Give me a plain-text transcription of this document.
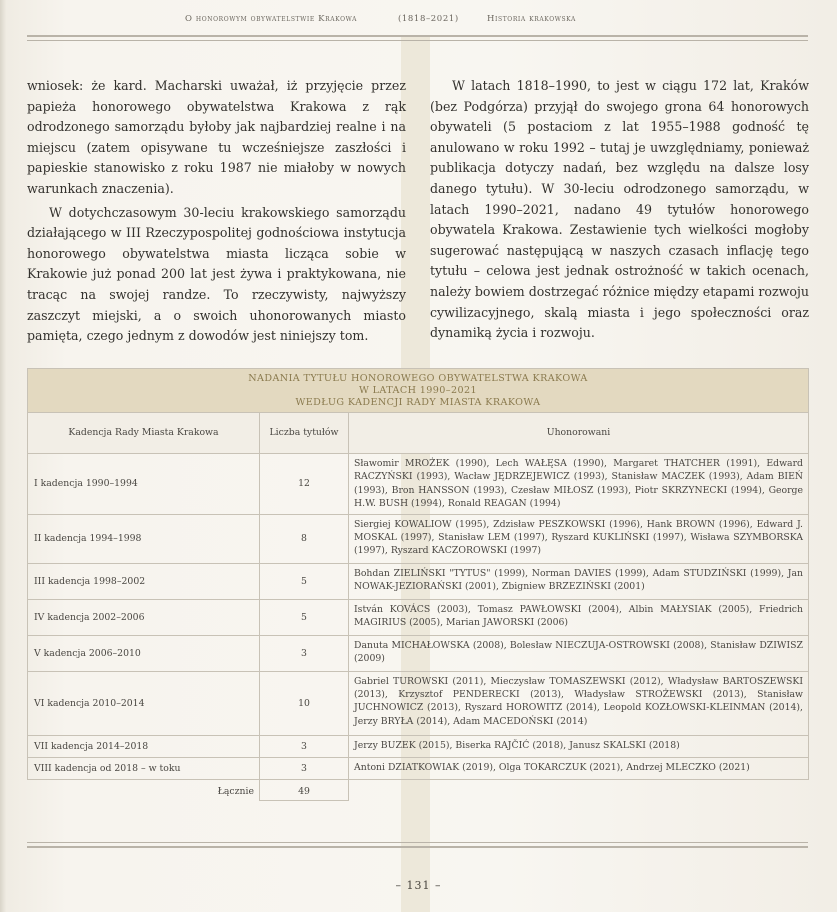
O honorowym obywatelstwie Krakowa	(1818–2021)	Historia krakowska

wniosek: że kard. Macharski uważał, iż przyjęcie przez papieża honorowego obywatelstwa Krakowa z rąk odrodzonego samorządu byłoby jak najbardziej realne i na miejscu (zatem opisywane tu wcześniejsze zaszłości i papieskie stanowisko z roku 1987 nie miałoby w nowych warunkach znaczenia).

W dotychczasowym 30-leciu krakowskiego samorządu działającego w III Rzeczypospolitej godnościowa instytucja honorowego obywatelstwa miasta licząca sobie w Krakowie już ponad 200 lat jest żywa i praktykowana, nie tracąc na swojej randze. To rzeczywisty, najwyższy zaszczyt miejski, a o swoich uhonorowanych miasto pamięta, czego jednym z dowodów jest niniejszy tom.

W latach 1818–1990, to jest w ciągu 172 lat, Kraków (bez Podgórza) przyjął do swojego grona 64 honorowych obywateli (5 postaciom z lat 1955–1988 godność tę anulowano w roku 1992 – tutaj je uwzględniamy, ponieważ publikacja dotyczy nadań, bez względu na dalsze losy danego tytułu). W 30-leciu odrodzonego samorządu, w latach 1990–2021, nadano 49 tytułów honorowego obywatela Krakowa. Zestawienie tych wielkości mogłoby sugerować następującą w naszych czasach inflację tego tytułu – celowa jest jednak ostrożność w takich ocenach, należy bowiem dostrzegać różnice między etapami rozwoju cywilizacyjnego, skalą miasta i jego społeczności oraz dynamiką życia i rozwoju.

NADANIA TYTUŁU HONOROWEGO OBYWATELSTWA KRAKOWA
W LATACH 1990–2021
WEDŁUG KADENCJI RADY MIASTA KRAKOWA		

Kadencja Rady Miasta Krakowa	Liczba tytułów	Uhonorowani
I kadencja 1990–1994	12	Sławomir MROŻEK (1990), Lech WAŁĘSA (1990), Margaret THATCHER (1991), Edward RACZYŃSKI (1993), Wacław JĘDRZEJEWICZ (1993), Stanisław MACZEK (1993), Adam BIEŃ (1993), Bron HANSSON (1993), Czesław MIŁOSZ (1993), Piotr SKRZYNECKI (1994), George H.W. BUSH (1994), Ronald REAGAN (1994)
II kadencja 1994–1998	8	Siergiej KOWALIOW (1995), Zdzisław PESZKOWSKI (1996), Hank BROWN (1996), Edward J. MOSKAL (1997), Stanisław LEM (1997), Ryszard KUKLIŃSKI (1997), Wisława SZYMBORSKA (1997), Ryszard KACZOROWSKI (1997)
III kadencja 1998–2002	5	Bohdan ZIELIŃSKI "TYTUS" (1999), Norman DAVIES (1999), Adam STUDZIŃSKI (1999), Jan NOWAK-JEZIORAŃSKI (2001), Zbigniew BRZEZIŃSKI (2001)
IV kadencja 2002–2006	5	István KOVÁCS (2003), Tomasz PAWŁOWSKI (2004), Albin MAŁYSIAK (2005), Friedrich MAGIRIUS (2005), Marian JAWORSKI (2006)
V kadencja 2006–2010	3	Danuta MICHAŁOWSKA (2008), Bolesław NIECZUJA-OSTROWSKI (2008), Stanisław DZIWISZ (2009)
VI kadencja 2010–2014	10	Gabriel TUROWSKI (2011), Mieczysław TOMASZEWSKI (2012), Władysław BARTOSZEWSKI (2013), Krzysztof PENDERECKI (2013), Władysław STROŻEWSKI (2013), Stanisław JUCHNOWICZ (2013), Ryszard HOROWITZ (2014), Leopold KOZŁOWSKI-KLEINMAN (2014), Jerzy BRYŁA (2014), Adam MACEDOŃSKI (2014)
VII kadencja 2014–2018	3	Jerzy BUZEK (2015), Biserka RAJČIĆ (2018), Janusz SKALSKI (2018)
VIII kadencja od 2018 – w toku	3	Antoni DZIATKOWIAK (2019), Olga TOKARCZUK (2021), Andrzej MLECZKO (2021)
Łącznie	49	
– 131 –
